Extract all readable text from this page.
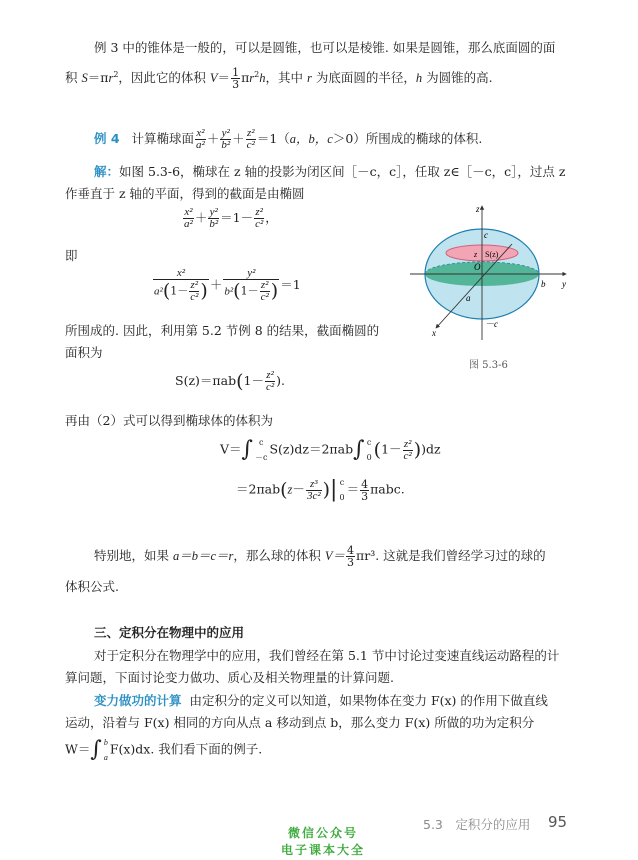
例 3 中的锥体是一般的，可以是圆锥，也可以是棱锥. 如果是圆锥，那么底面圆的面
积 $S=\pi r^2$，因此它的体积 $V= \frac{1}{3} \pi r^2h$，其中 r 为底面圆的半径，h 为圆锥的高.
例 4 计算椭球面 $\frac{\text{x²}}{\text{a²}} + \frac{\text{y²}}{\text{b²}} + \frac{\text{z²}}{\text{c²}} =1(a$，b，c＞0）所围成的椭球的体积.
解：如图 5.3-6，椭球在 z 轴的投影为闭区间［－c，c］，任取 z∈［－c，c］，过点 z
作垂直于 z 轴的平面，得到的截面是由椭圆
$\frac{\text{x²}}{\text{a²}} + \frac{\text{y²}}{\text{b²}} =1- \frac{\text{z²}}{\text{c²}}$ ，
即
$\frac{\text{x²}}{a^2(1- \frac{\text{z²}}{\text{c²}} )} + \frac{\text{y²}}{b^2(1- \frac{\text{z²}}{\text{c²}} )} =1$
所围成的. 因此，利用第 5.2 节例 8 的结果，截面椭圆的
面积为
$S(z)=\pi ab(1- \frac{\text{z²}}{\text{c²}}$ ).
再由（2）式可以得到椭球体的体积为
V＝∫ c
－c
S(z)dz＝2πab∫ c
0 $(1- \frac{\text{z²}}{\text{c²}} ))dz$
$=2\pi ab(z- \frac{\text{z³}}{\text{3c²}}$ )| c
0
＝ $\frac{4}{3} \pi abc$.
特别地，如果 a＝b＝c＝r，那么球的体积 $V= \frac{4}{3} \pi r^3$. 这就是我们曾经学习过的球的
体积公式.
三、定积分在物理中的应用
对于定积分在物理学中的应用，我们曾经在第 5.1 节中讨论过变速直线运动路程的计
算问题，下面讨论变力做功、质心及相关物理量的计算问题.
变力做功的计算 由定积分的定义可以知道，如果物体在变力 F(x) 的作用下做直线
运动，沿着与 F(x) 相同的方向从点 a 移动到点 b，那么变力 F(x) 所做的功为定积分
W＝∫ b
a
F(x)dx. 我们看下面的例子.
z
c
z S(z)
O
b y
a
－c
x
图 5.3-6
5.3　定积分的应用 95
微信公众号
电子课本大全
